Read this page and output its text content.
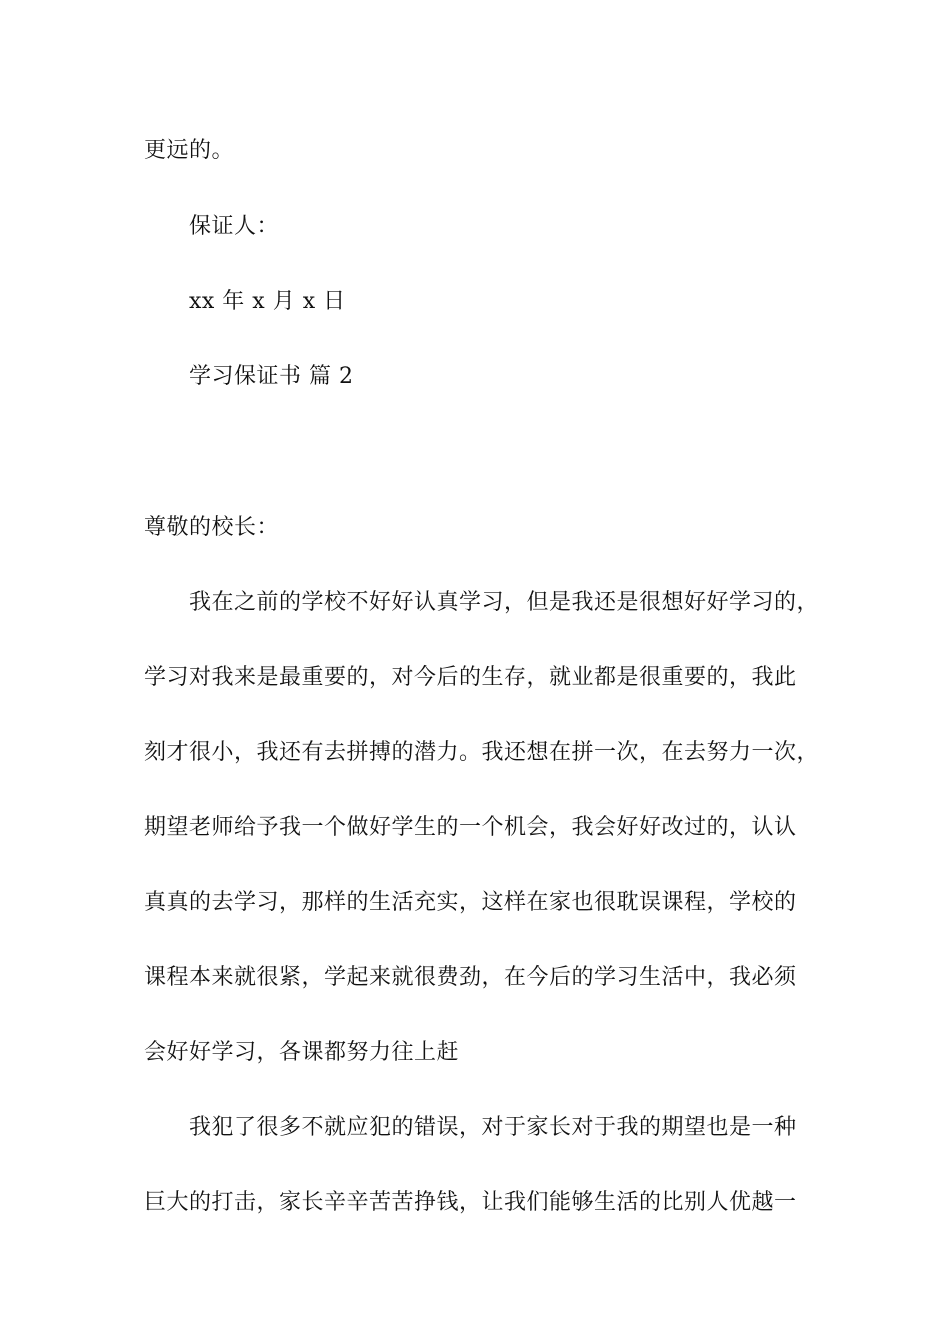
更远的。
保证人：
xx 年 x 月 x 日
学习保证书 篇 2
尊敬的校长：
我在之前的学校不好好认真学习，但是我还是很想好好学习的，
学习对我来是最重要的，对今后的生存，就业都是很重要的，我此
刻才很小，我还有去拼搏的潜力。我还想在拼一次，在去努力一次，
期望老师给予我一个做好学生的一个机会，我会好好改过的，认认
真真的去学习，那样的生活充实，这样在家也很耽误课程，学校的
课程本来就很紧，学起来就很费劲，在今后的学习生活中，我必须
会好好学习，各课都努力往上赶
我犯了很多不就应犯的错误，对于家长对于我的期望也是一种
巨大的打击，家长辛辛苦苦挣钱，让我们能够生活的比别人优越一
